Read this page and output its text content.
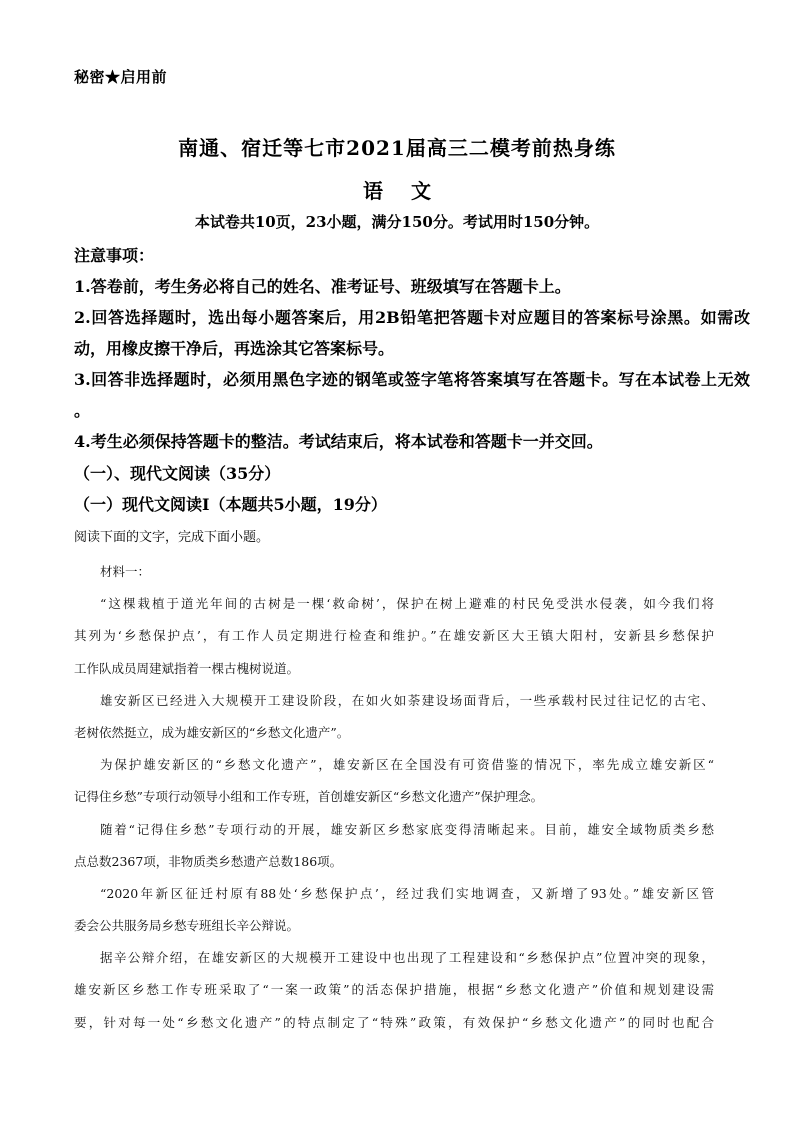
秘密★启用前
南通、宿迁等七市2021届高三二模考前热身练
语文
本试卷共10页，23小题，满分150分。考试用时150分钟。
注意事项：
1.答卷前，考生务必将自己的姓名、准考证号、班级填写在答题卡上。
2.回答选择题时，选出每小题答案后，用2B铅笔把答题卡对应题目的答案标号涂黑。如需改
动，用橡皮擦干净后，再选涂其它答案标号。
3.回答非选择题时，必须用黑色字迹的钢笔或签字笔将答案填写在答题卡。写在本试卷上无效
。
4.考生必须保持答题卡的整洁。考试结束后，将本试卷和答题卡一并交回。
（一）、现代文阅读（35分）
（一）现代文阅读Ⅰ（本题共5小题，19分）
阅读下面的文字，完成下面小题。
材料一：
“这棵栽植于道光年间的古树是一棵‘救命树’，保护在树上避难的村民免受洪水侵袭，如今我们将
其列为‘乡愁保护点’，有工作人员定期进行检查和维护。”在雄安新区大王镇大阳村，安新县乡愁保护
工作队成员周建斌指着一棵古槐树说道。
雄安新区已经进入大规模开工建设阶段，在如火如荼建设场面背后，一些承载村民过往记忆的古宅、
老树依然挺立，成为雄安新区的“乡愁文化遗产”。
为保护雄安新区的“乡愁文化遗产”，雄安新区在全国没有可资借鉴的情况下，率先成立雄安新区“
记得住乡愁”专项行动领导小组和工作专班，首创雄安新区“乡愁文化遗产”保护理念。
随着“记得住乡愁”专项行动的开展，雄安新区乡愁家底变得清晰起来。目前，雄安全域物质类乡愁
点总数2367项，非物质类乡愁遗产总数186项。
“2020年新区征迁村原有88处‘乡愁保护点’，经过我们实地调查，又新增了93处。”雄安新区管
委会公共服务局乡愁专班组长辛公辩说。
据辛公辩介绍，在雄安新区的大规模开工建设中也出现了工程建设和“乡愁保护点”位置冲突的现象，
雄安新区乡愁工作专班采取了“一案一政策”的活态保护措施，根据“乡愁文化遗产”价值和规划建设需
要，针对每一处“乡愁文化遗产”的特点制定了“特殊”政策，有效保护“乡愁文化遗产”的同时也配合
